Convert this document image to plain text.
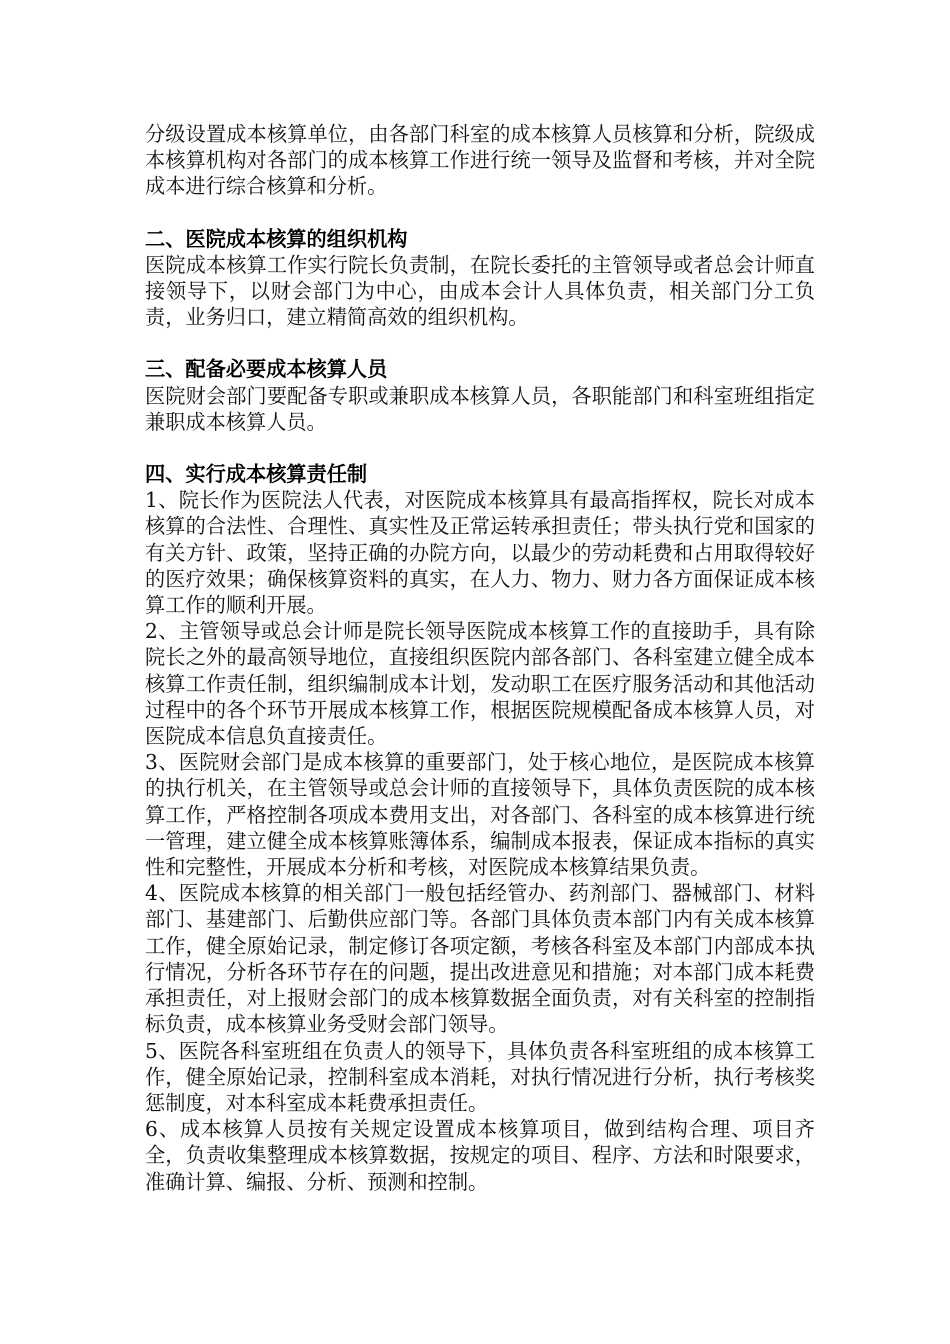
分级设置成本核算单位，由各部门科室的成本核算人员核算和分析，院级成本核算机构对各部门的成本核算工作进行统一领导及监督和考核，并对全院成本进行综合核算和分析。

二、医院成本核算的组织机构

医院成本核算工作实行院长负责制，在院长委托的主管领导或者总会计师直接领导下，以财会部门为中心，由成本会计人具体负责，相关部门分工负责，业务归口，建立精简高效的组织机构。

三、配备必要成本核算人员

医院财会部门要配备专职或兼职成本核算人员，各职能部门和科室班组指定兼职成本核算人员。

四、实行成本核算责任制

1、院长作为医院法人代表，对医院成本核算具有最高指挥权，院长对成本核算的合法性、合理性、真实性及正常运转承担责任；带头执行党和国家的有关方针、政策，坚持正确的办院方向，以最少的劳动耗费和占用取得较好的医疗效果；确保核算资料的真实，在人力、物力、财力各方面保证成本核算工作的顺利开展。

2、主管领导或总会计师是院长领导医院成本核算工作的直接助手，具有除院长之外的最高领导地位，直接组织医院内部各部门、各科室建立健全成本核算工作责任制，组织编制成本计划，发动职工在医疗服务活动和其他活动过程中的各个环节开展成本核算工作，根据医院规模配备成本核算人员，对医院成本信息负直接责任。

3、医院财会部门是成本核算的重要部门，处于核心地位，是医院成本核算的执行机关，在主管领导或总会计师的直接领导下，具体负责医院的成本核算工作，严格控制各项成本费用支出，对各部门、各科室的成本核算进行统一管理，建立健全成本核算账簿体系，编制成本报表，保证成本指标的真实性和完整性，开展成本分析和考核，对医院成本核算结果负责。

4、医院成本核算的相关部门一般包括经管办、药剂部门、器械部门、材料部门、基建部门、后勤供应部门等。各部门具体负责本部门内有关成本核算工作，健全原始记录，制定修订各项定额，考核各科室及本部门内部成本执行情况，分析各环节存在的问题，提出改进意见和措施；对本部门成本耗费承担责任，对上报财会部门的成本核算数据全面负责，对有关科室的控制指标负责，成本核算业务受财会部门领导。

5、医院各科室班组在负责人的领导下，具体负责各科室班组的成本核算工作，健全原始记录，控制科室成本消耗，对执行情况进行分析，执行考核奖惩制度，对本科室成本耗费承担责任。

6、成本核算人员按有关规定设置成本核算项目，做到结构合理、项目齐全，负责收集整理成本核算数据，按规定的项目、程序、方法和时限要求，准确计算、编报、分析、预测和控制。
